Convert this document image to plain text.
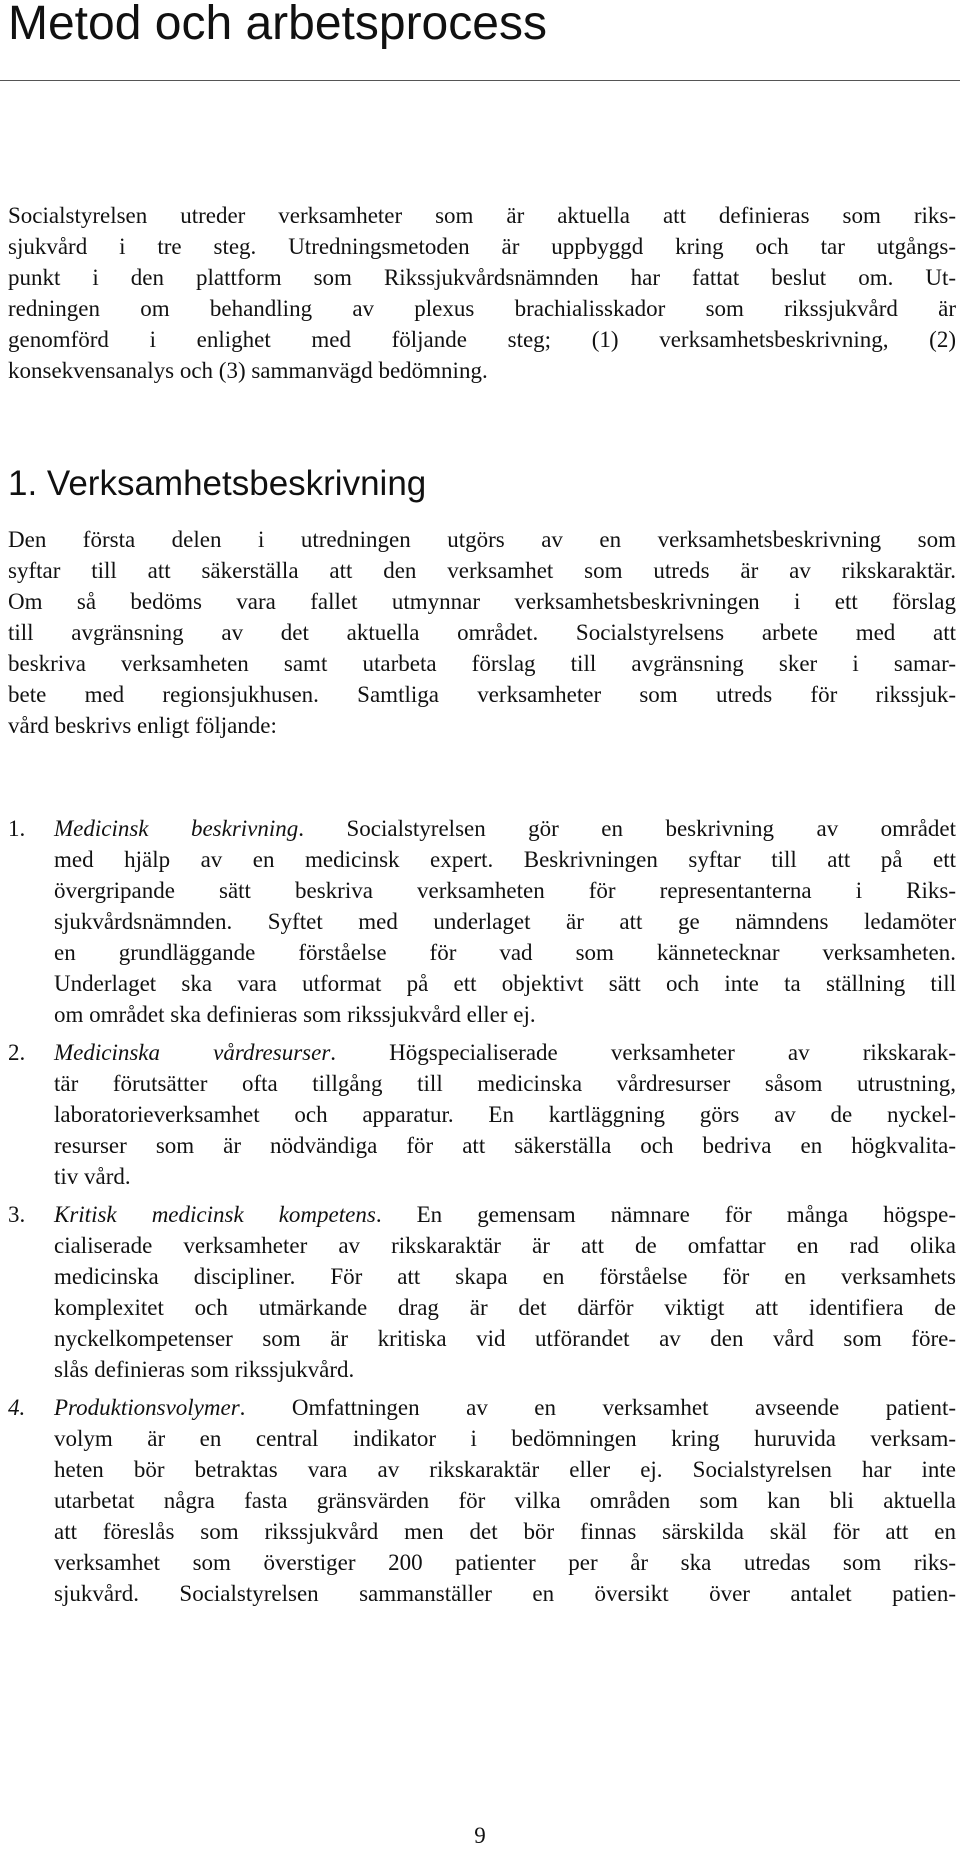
Metod och arbetsprocess
Socialstyrelsen utreder verksamheter som är aktuella att definieras som riks-
sjukvård i tre steg. Utredningsmetoden är uppbyggd kring och tar utgångs-
punkt i den plattform som Rikssjukvårdsnämnden har fattat beslut om. Ut-
redningen om behandling av plexus brachialisskador som rikssjukvård är
genomförd i enlighet med följande steg; (1) verksamhetsbeskrivning, (2)
konsekvensanalys och (3) sammanvägd bedömning.
1. Verksamhetsbeskrivning
Den första delen i utredningen utgörs av en verksamhetsbeskrivning som
syftar till att säkerställa att den verksamhet som utreds är av rikskaraktär.
Om så bedöms vara fallet utmynnar verksamhetsbeskrivningen i ett förslag
till avgränsning av det aktuella området. Socialstyrelsens arbete med att
beskriva verksamheten samt utarbeta förslag till avgränsning sker i samar-
bete med regionsjukhusen. Samtliga verksamheter som utreds för rikssjuk-
vård beskrivs enligt följande:
1.	Medicinsk beskrivning. Socialstyrelsen gör en beskrivning av området
med hjälp av en medicinsk expert. Beskrivningen syftar till att på ett
övergripande sätt beskriva verksamheten för representanterna i Riks-
sjukvårdsnämnden. Syftet med underlaget är att ge nämndens ledamöter
en grundläggande förståelse för vad som kännetecknar verksamheten.
Underlaget ska vara utformat på ett objektivt sätt och inte ta ställning till
om området ska definieras som rikssjukvård eller ej.
2.	Medicinska vårdresurser. Högspecialiserade verksamheter av rikskarak-
tär förutsätter ofta tillgång till medicinska vårdresurser såsom utrustning,
laboratorieverksamhet och apparatur. En kartläggning görs av de nyckel-
resurser som är nödvändiga för att säkerställa och bedriva en högkvalita-
tiv vård.
3.	Kritisk medicinsk kompetens. En gemensam nämnare för många högspe-
cialiserade verksamheter av rikskaraktär är att de omfattar en rad olika
medicinska discipliner. För att skapa en förståelse för en verksamhets
komplexitet och utmärkande drag är det därför viktigt att identifiera de
nyckelkompetenser som är kritiska vid utförandet av den vård som före-
slås definieras som rikssjukvård.
4.	Produktionsvolymer. Omfattningen av en verksamhet avseende patient-
volym är en central indikator i bedömningen kring huruvida verksam-
heten bör betraktas vara av rikskaraktär eller ej. Socialstyrelsen har inte
utarbetat några fasta gränsvärden för vilka områden som kan bli aktuella
att föreslås som rikssjukvård men det bör finnas särskilda skäl för att en
verksamhet som överstiger 200 patienter per år ska utredas som riks-
sjukvård. Socialstyrelsen sammanställer en översikt över antalet patien-
9
